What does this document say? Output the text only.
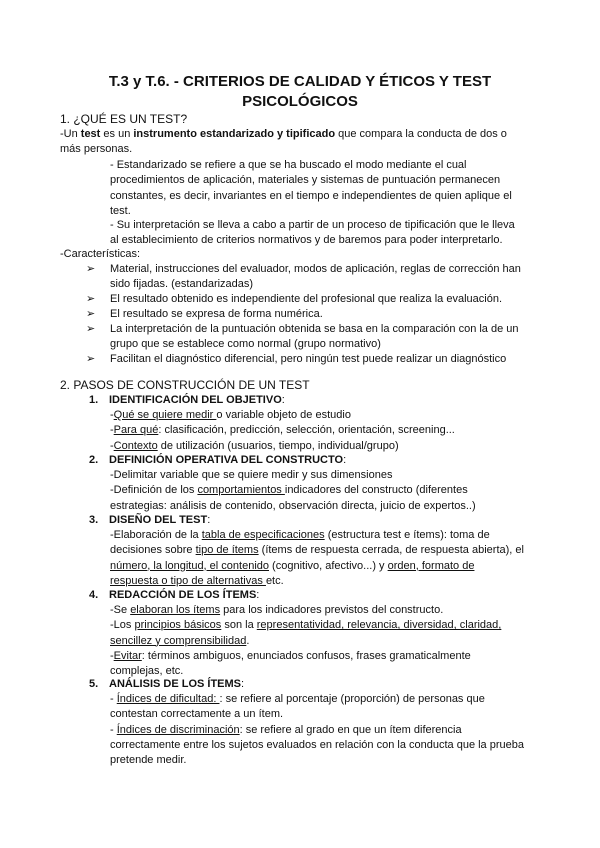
T.3 y T.6. - CRITERIOS DE CALIDAD Y ÉTICOS Y TEST
PSICOLÓGICOS
1. ¿QUÉ ES UN TEST?
-Un test es un instrumento estandarizado y tipificado que compara la conducta de dos o
más personas.
- Estandarizado se refiere a que se ha buscado el modo mediante el cual
procedimientos de aplicación, materiales y sistemas de puntuación permanecen
constantes, es decir, invariantes en el tiempo e independientes de quien aplique el
test.
- Su interpretación se lleva a cabo a partir de un proceso de tipificación que le lleva
al establecimiento de criterios normativos y de baremos para poder interpretarlo.
-Características:
➢	Material, instrucciones del evaluador, modos de aplicación, reglas de corrección han
sido fijadas. (estandarizadas)
➢	El resultado obtenido es independiente del profesional que realiza la evaluación.
➢	El resultado se expresa de forma numérica.
➢	La interpretación de la puntuación obtenida se basa en la comparación con la de un
grupo que se establece como normal (grupo normativo)
➢	Facilitan el diagnóstico diferencial, pero ningún test puede realizar un diagnóstico
2. PASOS DE CONSTRUCCIÓN DE UN TEST
1. IDENTIFICACIÓN DEL OBJETIVO:
-Qué se quiere medir o variable objeto de estudio
-Para qué: clasificación, predicción, selección, orientación, screening...
-Contexto de utilización (usuarios, tiempo, individual/grupo)
2. DEFINICIÓN OPERATIVA DEL CONSTRUCTO:
-Delimitar variable que se quiere medir y sus dimensiones
-Definición de los comportamientos indicadores del constructo (diferentes
estrategias: análisis de contenido, observación directa, juicio de expertos..)
3. DISEÑO DEL TEST:
-Elaboración de la tabla de especificaciones (estructura test e ítems): toma de
decisiones sobre tipo de ítems (ítems de respuesta cerrada, de respuesta abierta), el
número, la longitud, el contenido (cognitivo, afectivo...) y orden, formato de
respuesta o tipo de alternativas etc.
4. REDACCIÓN DE LOS ÍTEMS:
-Se elaboran los ítems para los indicadores previstos del constructo.
-Los principios básicos son la representatividad, relevancia, diversidad, claridad,
sencillez y comprensibilidad.
-Evitar: términos ambiguos, enunciados confusos, frases gramaticalmente
complejas, etc.
5. ANÁLISIS DE LOS ÍTEMS:
- Índices de dificultad: : se refiere al porcentaje (proporción) de personas que
contestan correctamente a un ítem.
- Índices de discriminación: se refiere al grado en que un ítem diferencia
correctamente entre los sujetos evaluados en relación con la conducta que la prueba
pretende medir.
